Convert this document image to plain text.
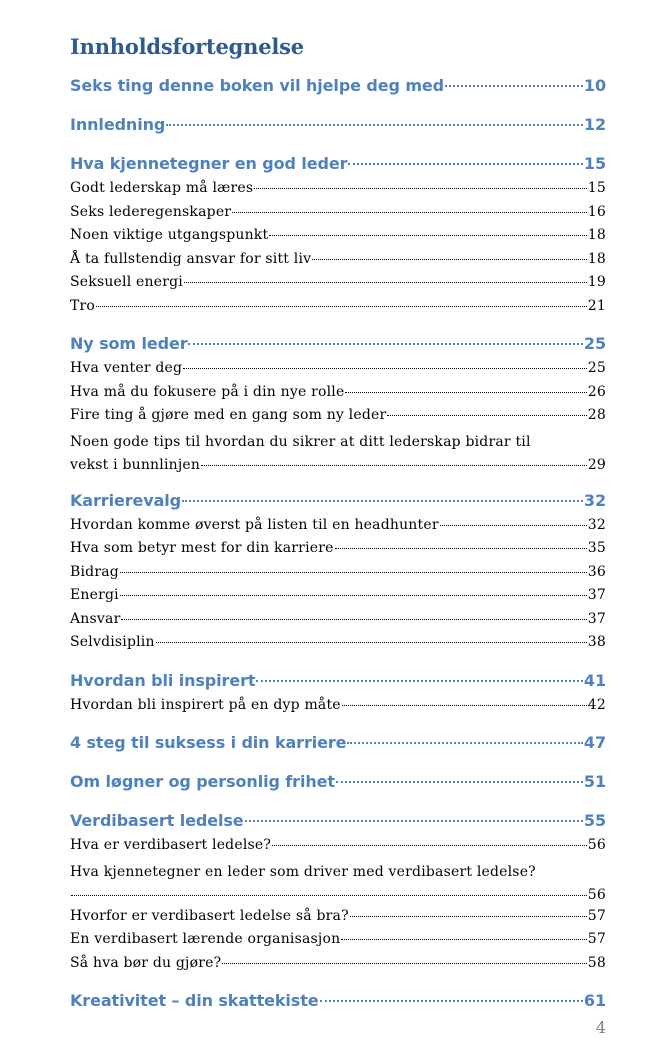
Innholdsfortegnelse
Seks ting denne boken vil hjelpe deg med	10
Innledning	12
Hva kjennetegner en god leder	15
Godt lederskap må læres	15
Seks lederegenskaper	16
Noen viktige utgangspunkt	18
Å ta fullstendig ansvar for sitt liv	18
Seksuell energi	19
Tro	21
Ny som leder	25
Hva venter deg	25
Hva må du fokusere på i din nye rolle	26
Fire ting å gjøre med en gang som ny leder	28
Noen gode tips til hvordan du sikrer at ditt lederskap bidrar til
vekst i bunnlinjen	29
Karrierevalg	32
Hvordan komme øverst på listen til en headhunter	32
Hva som betyr mest for din karriere	35
Bidrag	36
Energi	37
Ansvar	37
Selvdisiplin	38
Hvordan bli inspirert	41
Hvordan bli inspirert på en dyp måte	42
4 steg til suksess i din karriere	47
Om løgner og personlig frihet	51
Verdibasert ledelse	55
Hva er verdibasert ledelse?	56
Hva kjennetegner en leder som driver med verdibasert ledelse?
56
Hvorfor er verdibasert ledelse så bra?	57
En verdibasert lærende organisasjon	57
Så hva bør du gjøre?	58
Kreativitet – din skattekiste	61
4
